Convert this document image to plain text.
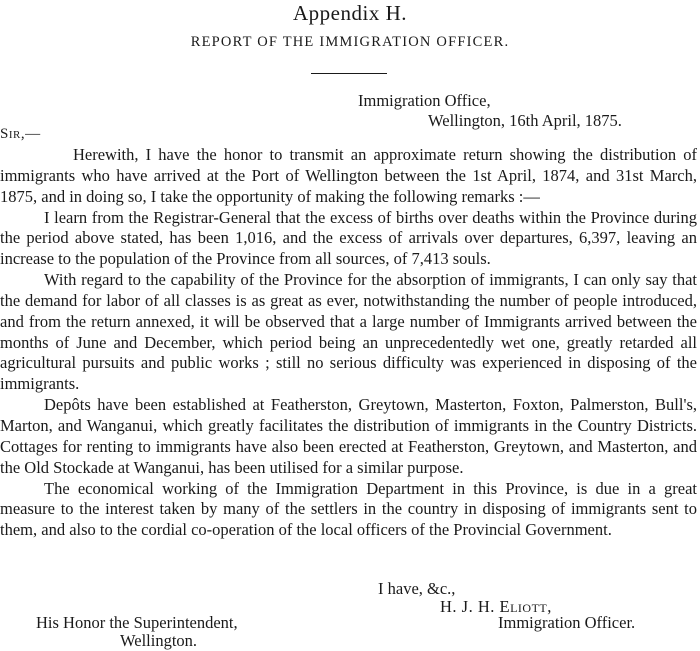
Appendix H.
REPORT OF THE IMMIGRATION OFFICER.
Immigration Office,
Wellington, 16th April, 1875.
Sir,—

Herewith, I have the honor to transmit an approximate return showing the distribution of immigrants who have arrived at the Port of Wellington between the 1st April, 1874, and 31st March, 1875, and in doing so, I take the opportunity of making the following remarks :—

I learn from the Registrar-General that the excess of births over deaths within the Province during the period above stated, has been 1,016, and the excess of arrivals over departures, 6,397, leaving an increase to the population of the Province from all sources, of 7,413 souls.

With regard to the capability of the Province for the absorption of immigrants, I can only say that the demand for labor of all classes is as great as ever, notwithstanding the number of people introduced, and from the return annexed, it will be observed that a large number of Immigrants arrived between the months of June and December, which period being an unprecedentedly wet one, greatly retarded all agricultural pursuits and public works ; still no serious difficulty was experienced in disposing of the immigrants.

Depôts have been established at Featherston, Greytown, Masterton, Foxton, Palmerston, Bull's, Marton, and Wanganui, which greatly facilitates the distribution of immigrants in the Country Districts. Cottages for renting to immigrants have also been erected at Featherston, Greytown, and Masterton, and the Old Stockade at Wanganui, has been utilised for a similar purpose.

The economical working of the Immigration Department in this Province, is due in a great measure to the interest taken by many of the settlers in the country in disposing of immigrants sent to them, and also to the cordial co-operation of the local officers of the Provincial Government.

I have, &c.,
H. J. H. Eliott,
His Honor the Superintendent,	Immigration Officer.
Wellington.
